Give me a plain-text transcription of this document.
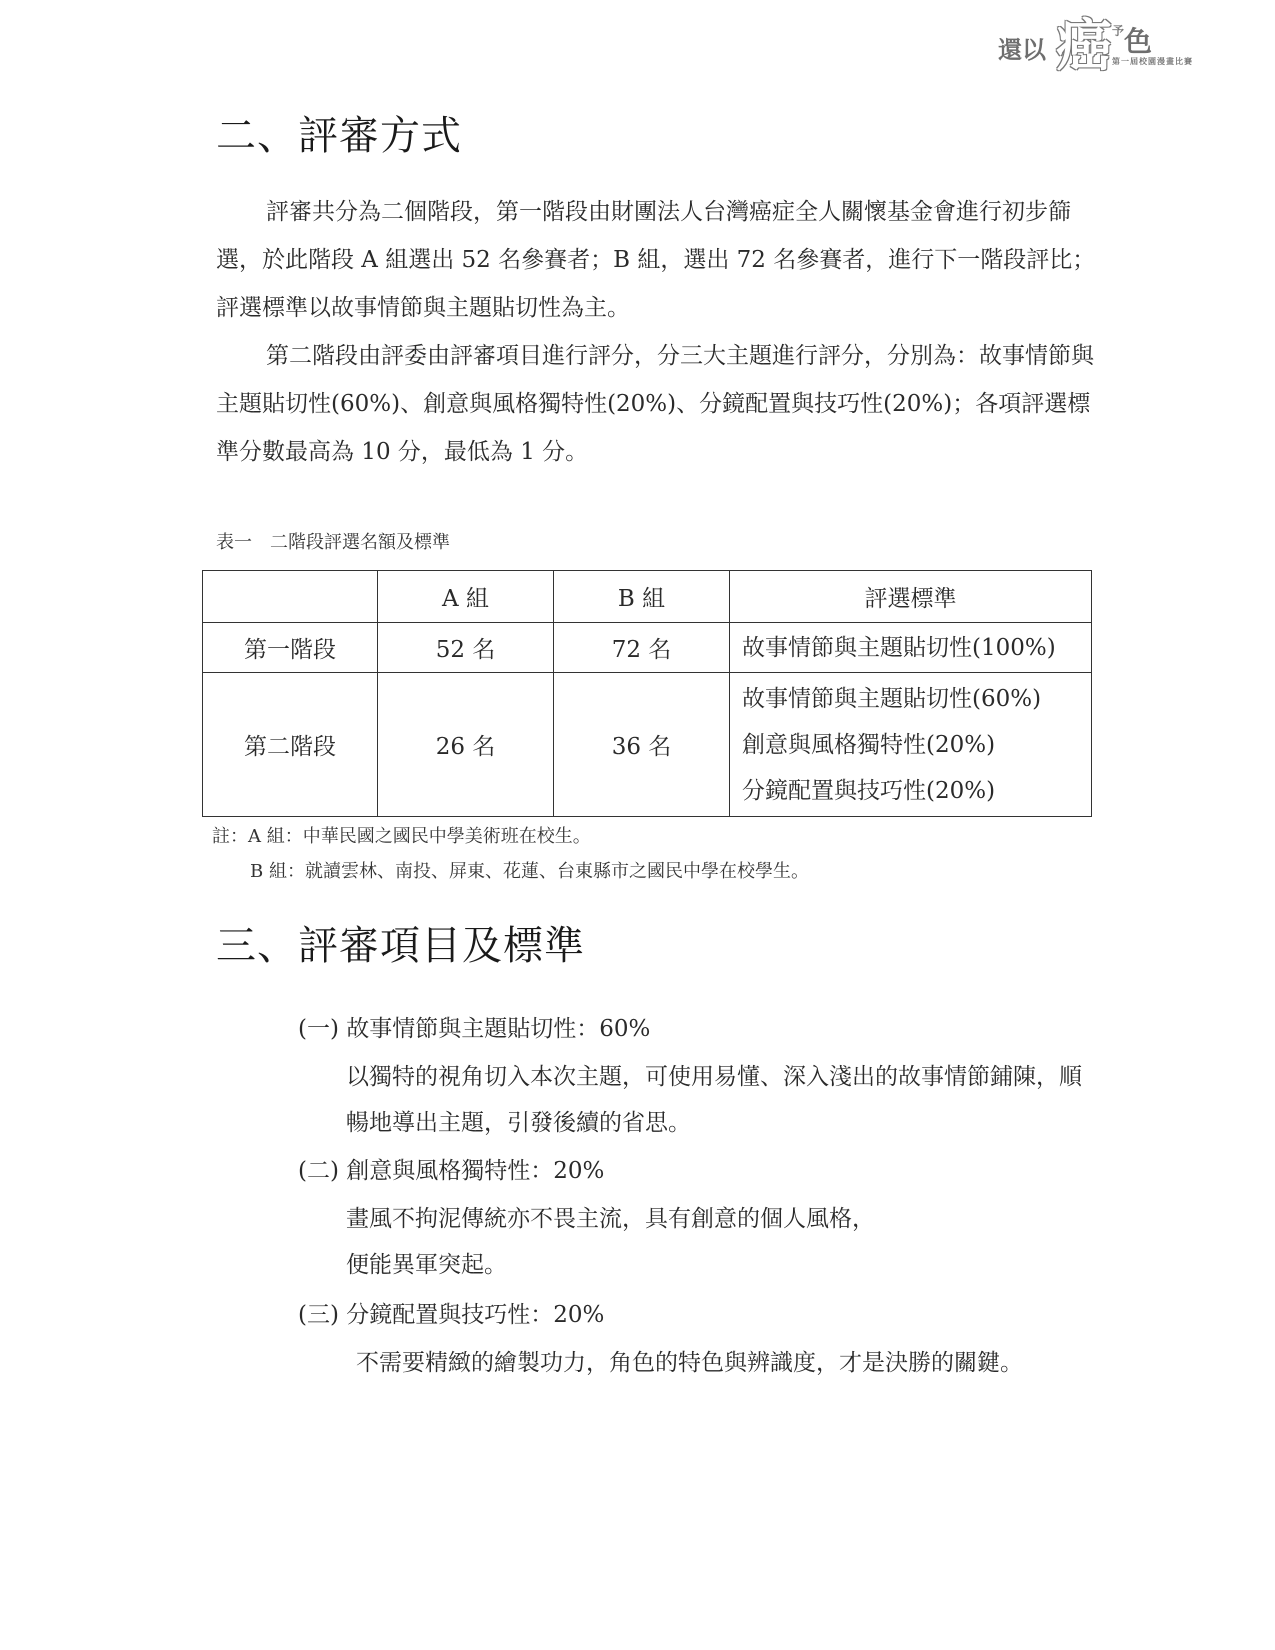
還以 癌 予 色
第一屆校園漫畫比賽
二、評審方式

評審共分為二個階段，第一階段由財團法人台灣癌症全人關懷基金會進行初步篩選，於此階段 A 組選出 52 名參賽者；B 組，選出 72 名參賽者，進行下一階段評比；評選標準以故事情節與主題貼切性為主。

第二階段由評委由評審項目進行評分，分三大主題進行評分，分別為：故事情節與主題貼切性(60%)、創意與風格獨特性(20%)、分鏡配置與技巧性(20%)；各項評選標準分數最高為 10 分，最低為 1 分。

表一　二階段評選名額及標準
	A 組	B 組	評選標準
第一階段	52 名	72 名	故事情節與主題貼切性(100%)

第二階段	26 名	36 名	故事情節與主題貼切性(60%)
創意與風格獨特性(20%)
分鏡配置與技巧性(20%)
註：A 組：中華民國之國民中學美術班在校生。
B 組：就讀雲林、南投、屏東、花蓮、台東縣市之國民中學在校學生。
三、評審項目及標準
(一) 故事情節與主題貼切性：60%

以獨特的視角切入本次主題，可使用易懂、深入淺出的故事情節鋪陳，順暢地導出主題，引發後續的省思。

(二) 創意與風格獨特性：20%

畫風不拘泥傳統亦不畏主流，具有創意的個人風格，

便能異軍突起。

(三) 分鏡配置與技巧性：20%

不需要精緻的繪製功力，角色的特色與辨識度，才是決勝的關鍵。
